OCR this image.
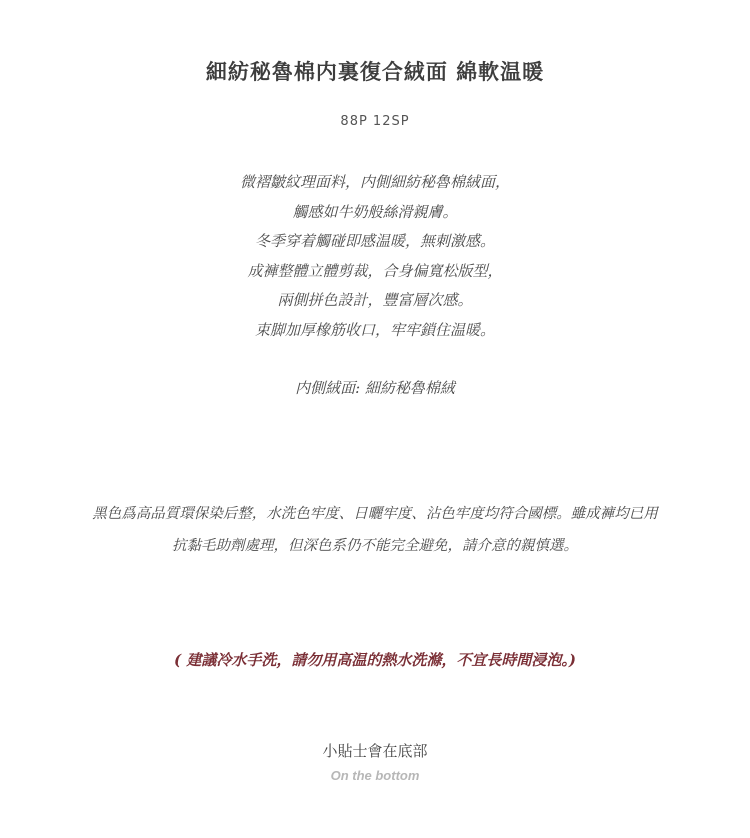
細紡秘魯棉内裏復合絨面 綿軟温暖
88P 12SP
微褶皺紋理面料，内側細紡秘魯棉絨面，
觸感如牛奶般絲滑親膚。
冬季穿着觸碰即感温暖，無刺激感。
成褲整體立體剪裁，合身偏寬松版型，
兩側拼色設計，豐富層次感。
束脚加厚橡筋收口，牢牢鎖住温暖。
内側絨面: 細紡秘魯棉絨
黑色爲高品質環保染后整，水洗色牢度、日曬牢度、沾色牢度均符合國標。雖成褲均已用
抗黏毛助劑處理，但深色系仍不能完全避免，請介意的親慎選。
( 建議冷水手洗，請勿用高温的熱水洗滌，不宜長時間浸泡。)
小貼士會在底部
On the bottom
